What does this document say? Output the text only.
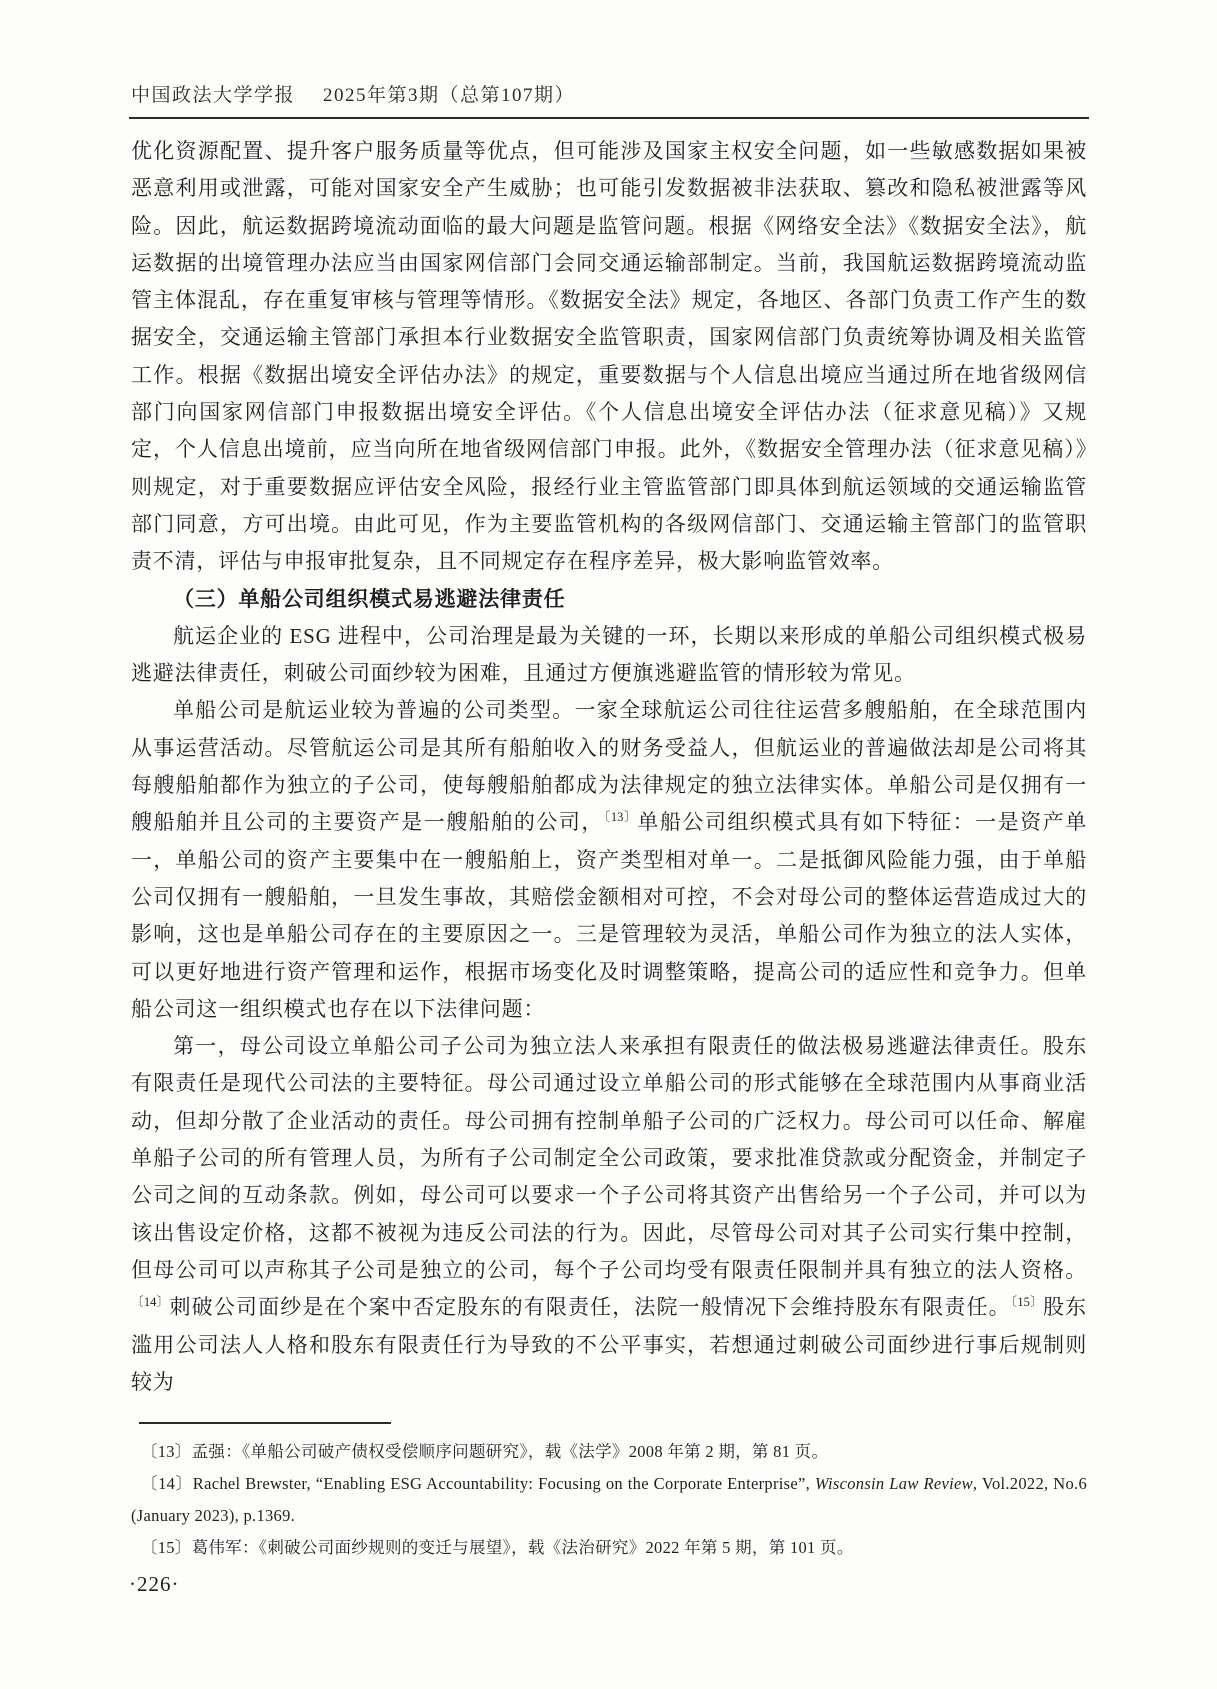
中国政法大学学报 2025年第3期（总第107期）

优化资源配置、提升客户服务质量等优点，但可能涉及国家主权安全问题，如一些敏感数据如果被恶意利用或泄露，可能对国家安全产生威胁；也可能引发数据被非法获取、篡改和隐私被泄露等风险。因此，航运数据跨境流动面临的最大问题是监管问题。根据《网络安全法》《数据安全法》，航运数据的出境管理办法应当由国家网信部门会同交通运输部制定。当前，我国航运数据跨境流动监管主体混乱，存在重复审核与管理等情形。《数据安全法》规定，各地区、各部门负责工作产生的数据安全，交通运输主管部门承担本行业数据安全监管职责，国家网信部门负责统筹协调及相关监管工作。根据《数据出境安全评估办法》的规定，重要数据与个人信息出境应当通过所在地省级网信部门向国家网信部门申报数据出境安全评估。《个人信息出境安全评估办法（征求意见稿）》又规定，个人信息出境前，应当向所在地省级网信部门申报。此外，《数据安全管理办法（征求意见稿）》则规定，对于重要数据应评估安全风险，报经行业主管监管部门即具体到航运领域的交通运输监管部门同意，方可出境。由此可见，作为主要监管机构的各级网信部门、交通运输主管部门的监管职责不清，评估与申报审批复杂，且不同规定存在程序差异，极大影响监管效率。

（三）单船公司组织模式易逃避法律责任

航运企业的 ESG 进程中，公司治理是最为关键的一环，长期以来形成的单船公司组织模式极易逃避法律责任，刺破公司面纱较为困难，且通过方便旗逃避监管的情形较为常见。

单船公司是航运业较为普遍的公司类型。一家全球航运公司往往运营多艘船舶，在全球范围内从事运营活动。尽管航运公司是其所有船舶收入的财务受益人，但航运业的普遍做法却是公司将其每艘船舶都作为独立的子公司，使每艘船舶都成为法律规定的独立法律实体。单船公司是仅拥有一艘船舶并且公司的主要资产是一艘船舶的公司，$^{〔13〕}$单船公司组织模式具有如下特征：一是资产单一，单船公司的资产主要集中在一艘船舶上，资产类型相对单一。二是抵御风险能力强，由于单船公司仅拥有一艘船舶，一旦发生事故，其赔偿金额相对可控，不会对母公司的整体运营造成过大的影响，这也是单船公司存在的主要原因之一。三是管理较为灵活，单船公司作为独立的法人实体，可以更好地进行资产管理和运作，根据市场变化及时调整策略，提高公司的适应性和竞争力。但单船公司这一组织模式也存在以下法律问题：

第一，母公司设立单船公司子公司为独立法人来承担有限责任的做法极易逃避法律责任。股东有限责任是现代公司法的主要特征。母公司通过设立单船公司的形式能够在全球范围内从事商业活动，但却分散了企业活动的责任。母公司拥有控制单船子公司的广泛权力。母公司可以任命、解雇单船子公司的所有管理人员，为所有子公司制定全公司政策，要求批准贷款或分配资金，并制定子公司之间的互动条款。例如，母公司可以要求一个子公司将其资产出售给另一个子公司，并可以为该出售设定价格，这都不被视为违反公司法的行为。因此，尽管母公司对其子公司实行集中控制，但母公司可以声称其子公司是独立的公司，每个子公司均受有限责任限制并具有独立的法人资格。$^{〔14〕}$刺破公司面纱是在个案中否定股东的有限责任，法院一般情况下会维持股东有限责任。$^{〔15〕}$股东滥用公司法人人格和股东有限责任行为导致的不公平事实，若想通过刺破公司面纱进行事后规制则较为

〔13〕孟强：《单船公司破产债权受偿顺序问题研究》，载《法学》2008 年第 2 期，第 81 页。

〔14〕Rachel Brewster, “Enabling ESG Accountability: Focusing on the Corporate Enterprise”, Wisconsin Law Review, Vol.2022, No.6 (January 2023), p.1369.

〔15〕葛伟军：《刺破公司面纱规则的变迁与展望》，载《法治研究》2022 年第 5 期，第 101 页。

·226·
